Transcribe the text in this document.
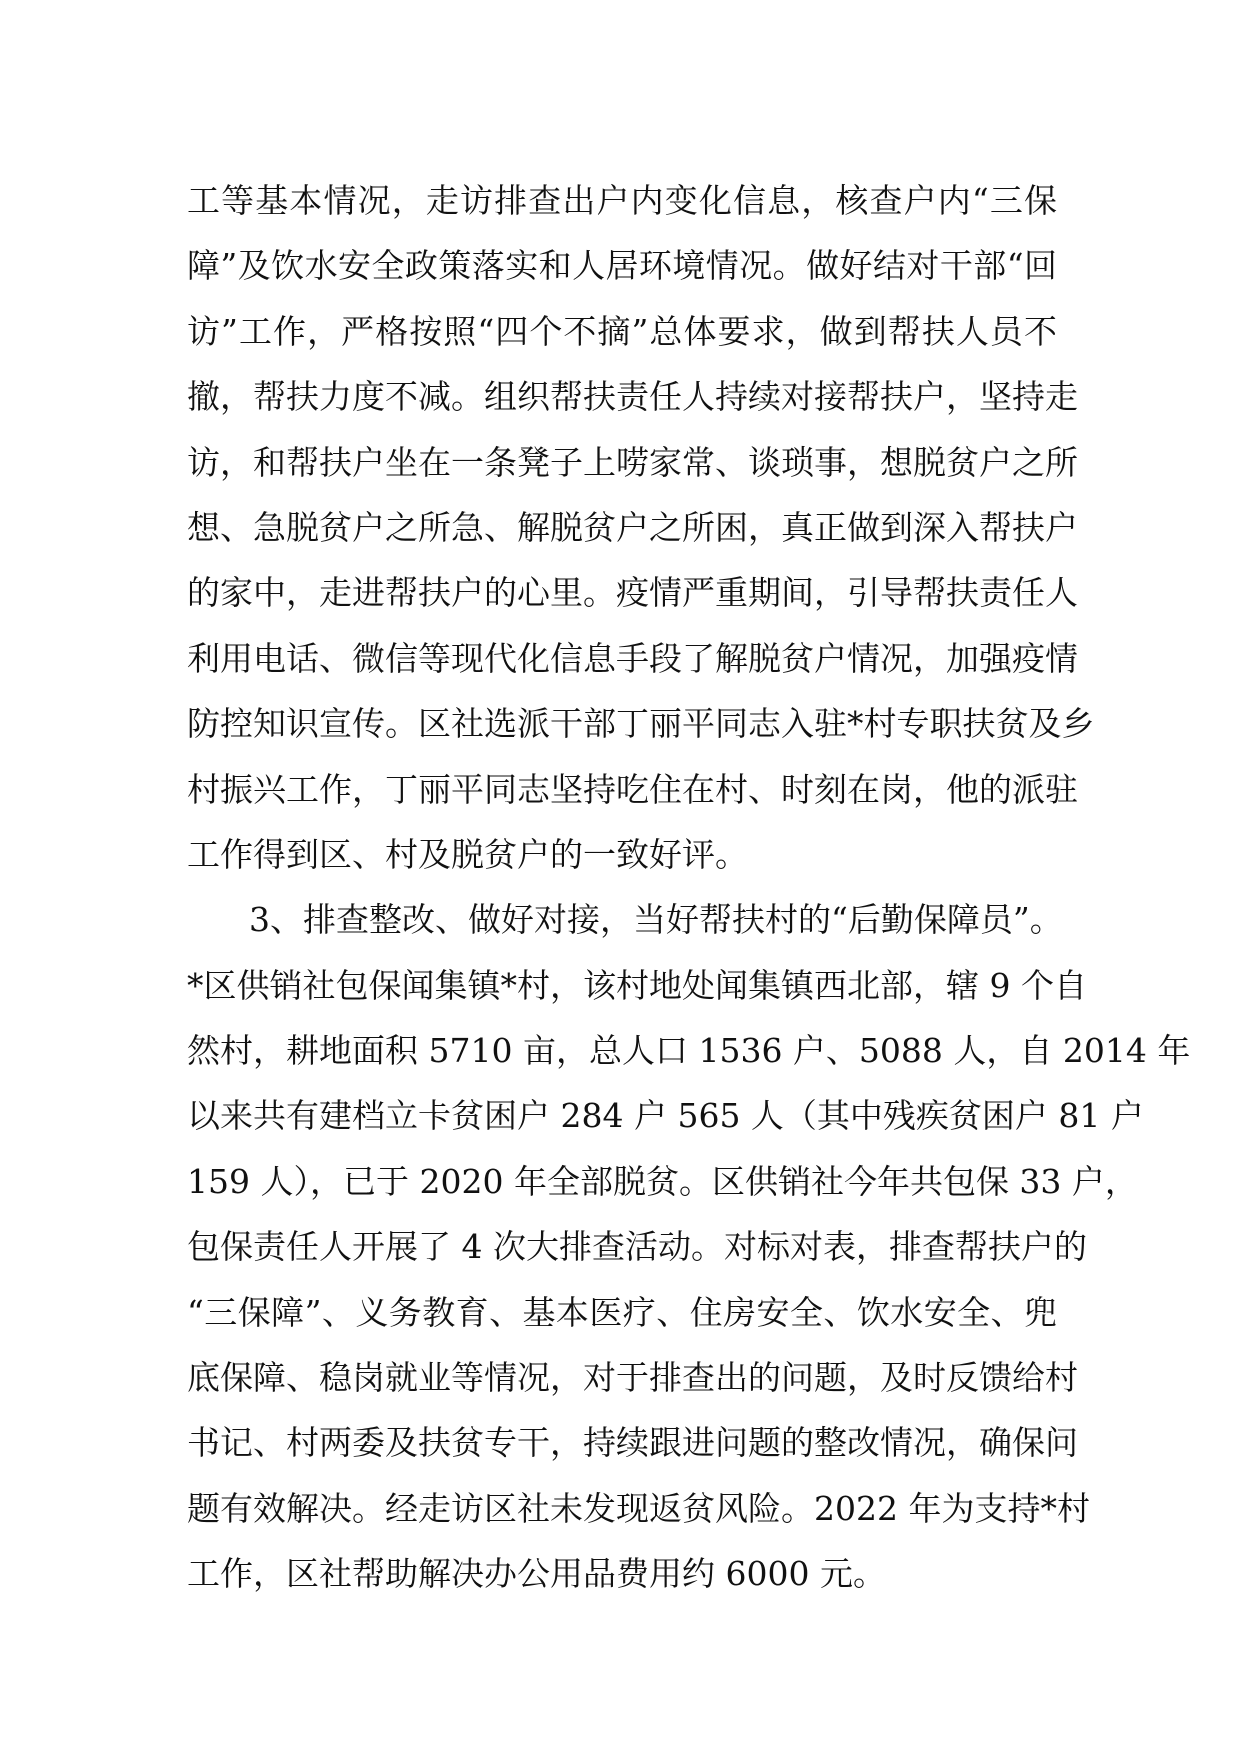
工等基本情况，走访排查出户内变化信息，核查户内“三保
障”及饮水安全政策落实和人居环境情况。做好结对干部“回
访”工作，严格按照“四个不摘”总体要求，做到帮扶人员不
撤，帮扶力度不减。组织帮扶责任人持续对接帮扶户，坚持走
访，和帮扶户坐在一条凳子上唠家常、谈琐事，想脱贫户之所
想、急脱贫户之所急、解脱贫户之所困，真正做到深入帮扶户
的家中，走进帮扶户的心里。疫情严重期间，引导帮扶责任人
利用电话、微信等现代化信息手段了解脱贫户情况，加强疫情
防控知识宣传。区社选派干部丁丽平同志入驻*村专职扶贫及乡
村振兴工作，丁丽平同志坚持吃住在村、时刻在岗，他的派驻
工作得到区、村及脱贫户的一致好评。
3、排查整改、做好对接，当好帮扶村的“后勤保障员”。
*区供销社包保闻集镇*村，该村地处闻集镇西北部，辖 9 个自
然村，耕地面积 5710 亩，总人口 1536 户、5088 人，自 2014 年
以来共有建档立卡贫困户 284 户 565 人（其中残疾贫困户 81 户
159 人），已于 2020 年全部脱贫。区供销社今年共包保 33 户，
包保责任人开展了 4 次大排查活动。对标对表，排查帮扶户的
“三保障”、义务教育、基本医疗、住房安全、饮水安全、兜
底保障、稳岗就业等情况，对于排查出的问题，及时反馈给村
书记、村两委及扶贫专干，持续跟进问题的整改情况，确保问
题有效解决。经走访区社未发现返贫风险。2022 年为支持*村
工作，区社帮助解决办公用品费用约 6000 元。
